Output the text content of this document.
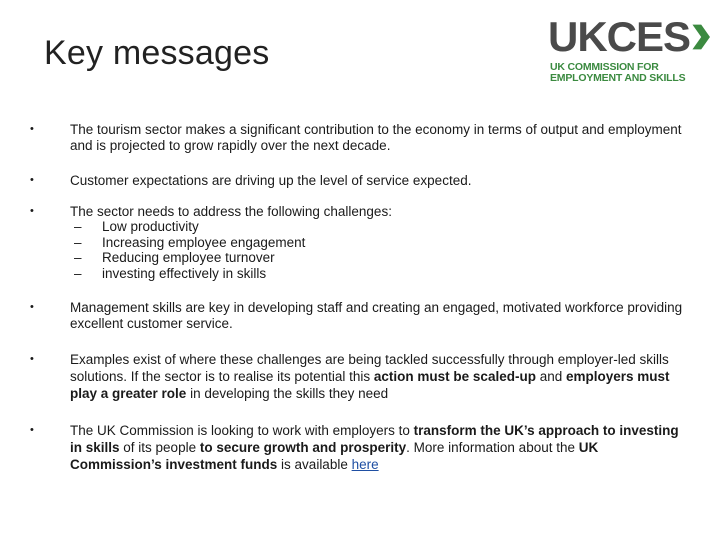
Key messages	UKCES
UK COMMISSION FOR
EMPLOYMENT AND SKILLS
•	The tourism sector makes a significant contribution to the economy in terms of output and employment and is projected to grow rapidly over the next decade.
•	Customer expectations are driving up the level of service expected.
•	The sector needs to address the following challenges:
– Low productivity
– Increasing employee engagement
– Reducing employee turnover
– investing effectively in skills
•	Management skills are key in developing staff and creating an engaged, motivated workforce providing excellent customer service.
•	Examples exist of where these challenges are being tackled successfully through employer-led skills solutions. If the sector is to realise its potential this action must be scaled-up and employers must play a greater role in developing the skills they need
•	The UK Commission is looking to work with employers to transform the UK’s approach to investing in skills of its people to secure growth and prosperity. More information about the UK Commission’s investment funds is available here
